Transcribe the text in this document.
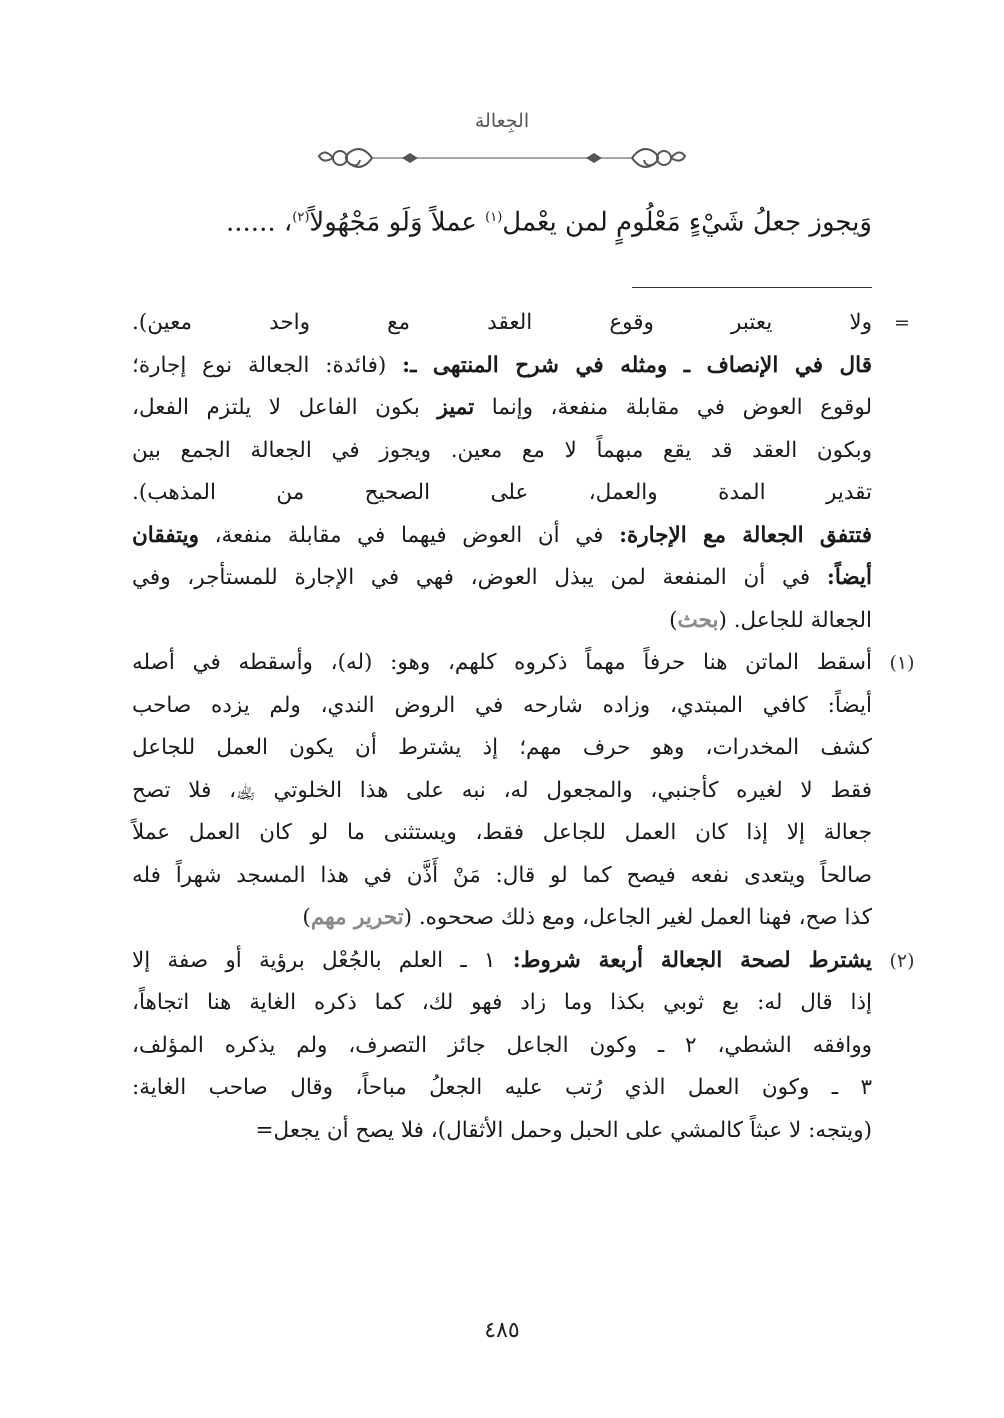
الجِعالة
وَيجوز جعلُ شَيْءٍ مَعْلُومٍ لمن يعْمل$^{(١)}$ عملاً وَلَو مَجْهُولاً$^{(٢)}$، ......
=
ولا يعتبر وقوع العقد مع واحد معين).
قال في الإنصاف ـ ومثله في شرح المنتهى ـ: (فائدة: الجعالة نوع إجارة؛
لوقوع العوض في مقابلة منفعة، وإنما تميز بكون الفاعل لا يلتزم الفعل،
وبكون العقد قد يقع مبهماً لا مع معين. ويجوز في الجعالة الجمع بين
تقدير المدة والعمل، على الصحيح من المذهب).
فتتفق الجعالة مع الإجارة: في أن العوض فيهما في مقابلة منفعة، ويتفقان
أيضاً: في أن المنفعة لمن يبذل العوض، فهي في الإجارة للمستأجر، وفي
الجعالة للجاعل. (بحث)
(١)
أسقط الماتن هنا حرفاً مهماً ذكروه كلهم، وهو: (له)، وأسقطه في أصله
أيضاً: كافي المبتدي، وزاده شارحه في الروض الندي، ولم يزده صاحب
كشف المخدرات، وهو حرف مهم؛ إذ يشترط أن يكون العمل للجاعل
فقط لا لغيره كأجنبي، والمجعول له، نبه على هذا الخلوتي ﵀، فلا تصح
جعالة إلا إذا كان العمل للجاعل فقط، ويستثنى ما لو كان العمل عملاً
صالحاً ويتعدى نفعه فيصح كما لو قال: مَنْ أَذَّن في هذا المسجد شهراً فله
كذا صح، فهنا العمل لغير الجاعل، ومع ذلك صححوه. (تحرير مهم)
(٢)
يشترط لصحة الجعالة أربعة شروط: ١ ـ العلم بالجُعْل برؤية أو صفة إلا
إذا قال له: بع ثوبي بكذا وما زاد فهو لك، كما ذكره الغاية هنا اتجاهاً،
ووافقه الشطي، ٢ ـ وكون الجاعل جائز التصرف، ولم يذكره المؤلف،
٣ ـ وكون العمل الذي رُتب عليه الجعلُ مباحاً، وقال صاحب الغاية:
(ويتجه: لا عبثاً كالمشي على الحبل وحمل الأثقال)، فلا يصح أن يجعل=
٤٨٥
